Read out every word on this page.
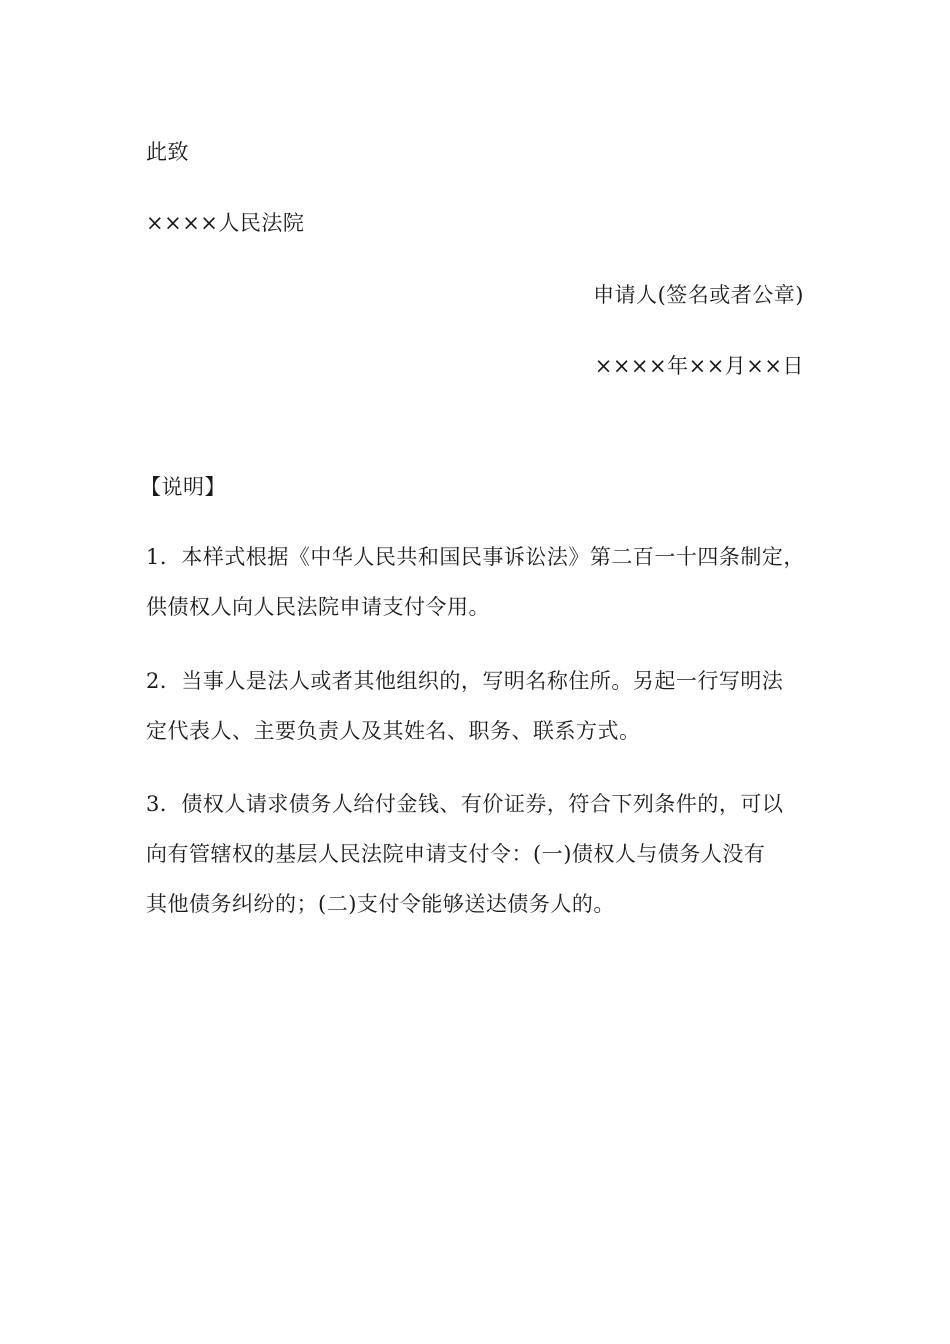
此致
××××人民法院
申请人(签名或者公章)
××××年××月××日
【说明】
1．本样式根据《中华人民共和国民事诉讼法》第二百一十四条制定，
供债权人向人民法院申请支付令用。
2．当事人是法人或者其他组织的，写明名称住所。另起一行写明法
定代表人、主要负责人及其姓名、职务、联系方式。
3．债权人请求债务人给付金钱、有价证券，符合下列条件的，可以
向有管辖权的基层人民法院申请支付令：(一)债权人与债务人没有
其他债务纠纷的；(二)支付令能够送达债务人的。
